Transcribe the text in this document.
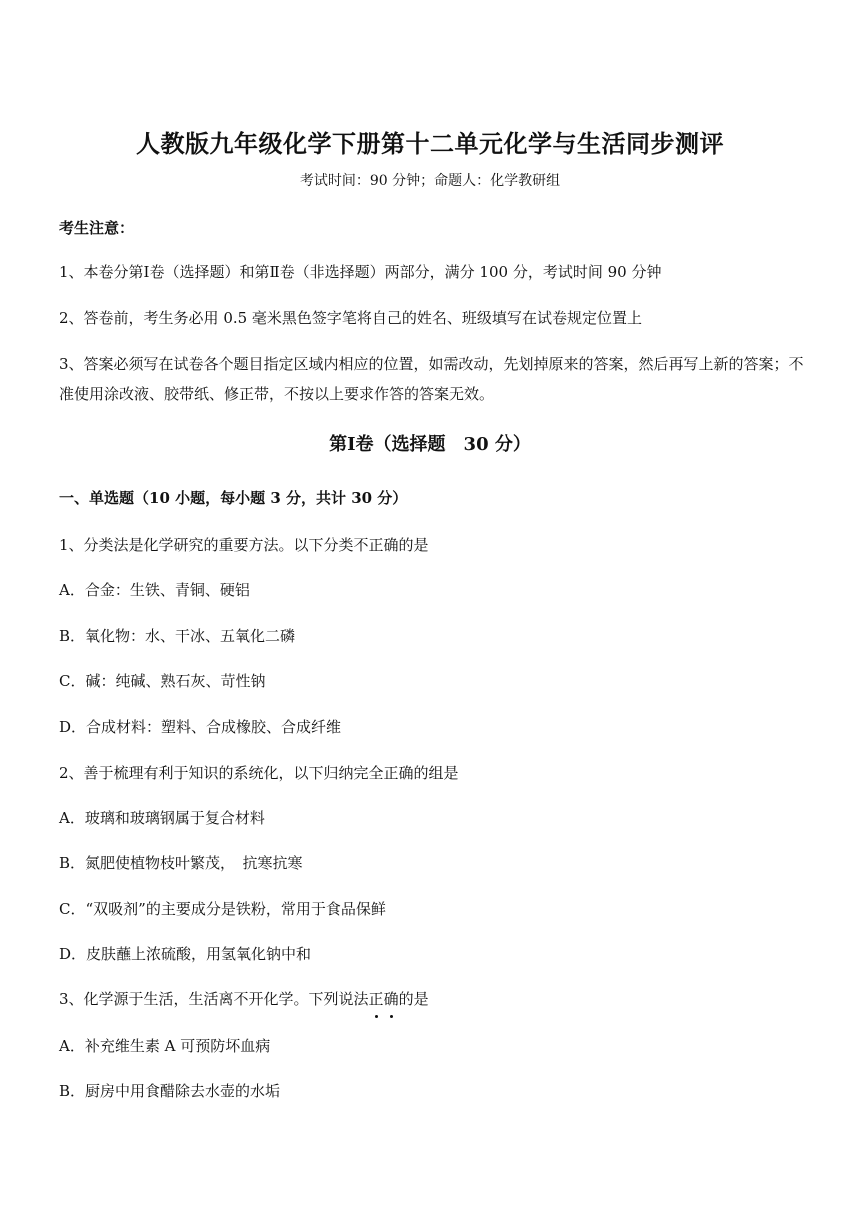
人教版九年级化学下册第十二单元化学与生活同步测评
考试时间：90 分钟；命题人：化学教研组
考生注意：
1、本卷分第Ⅰ卷（选择题）和第Ⅱ卷（非选择题）两部分，满分 100 分，考试时间 90 分钟
2、答卷前，考生务必用 0.5 毫米黑色签字笔将自己的姓名、班级填写在试卷规定位置上
3、答案必须写在试卷各个题目指定区域内相应的位置，如需改动，先划掉原来的答案，然后再写上新的答案；不准使用涂改液、胶带纸、修正带，不按以上要求作答的答案无效。
第Ⅰ卷（选择题　30 分）
一、单选题（10 小题，每小题 3 分，共计 30 分）
1、分类法是化学研究的重要方法。以下分类不正确的是
A．合金：生铁、青铜、硬铝
B．氧化物：水、干冰、五氧化二磷
C．碱：纯碱、熟石灰、苛性钠
D．合成材料：塑料、合成橡胶、合成纤维
2、善于梳理有利于知识的系统化，以下归纳完全正确的组是
A．玻璃和玻璃钢属于复合材料
B．氮肥使植物枝叶繁茂，　抗寒抗寒
C．“双吸剂”的主要成分是铁粉，常用于食品保鲜
D．皮肤蘸上浓硫酸，用氢氧化钠中和
3、化学源于生活，生活离不开化学。下列说法正确的是
A．补充维生素 A 可预防坏血病
B．厨房中用食醋除去水壶的水垢
